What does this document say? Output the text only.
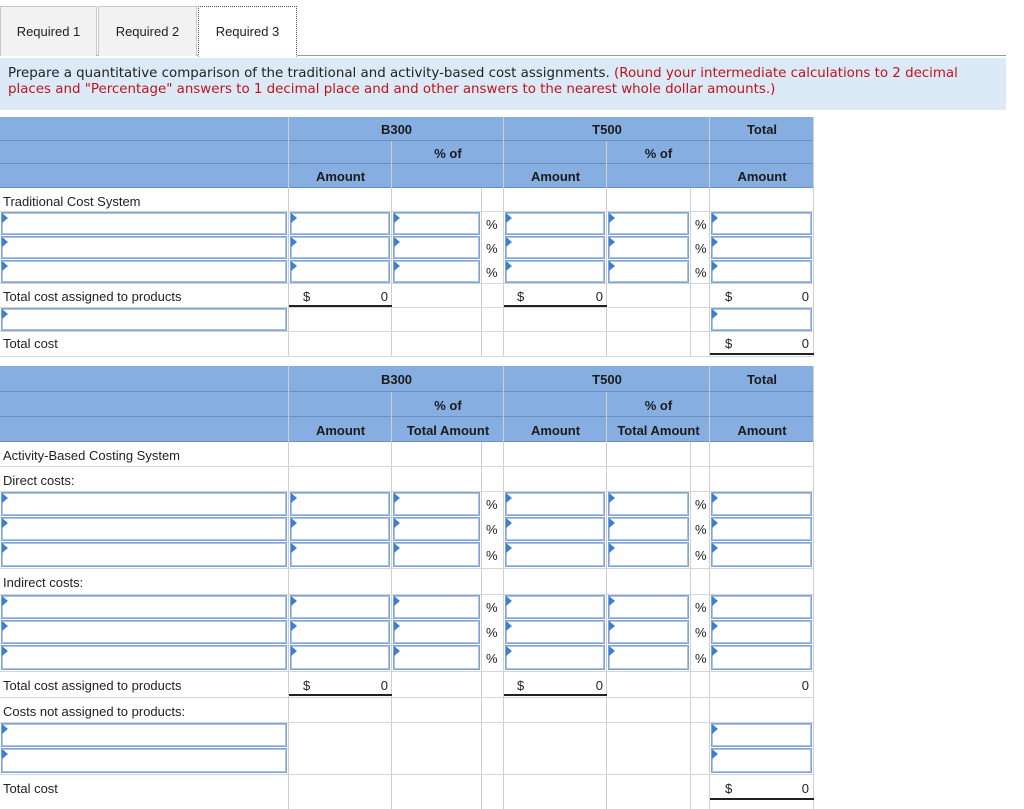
Required 1	Required 2	Required 3
Prepare a quantitative comparison of the traditional and activity-based cost assignments. (Round your intermediate calculations to 2 decimal places and "Percentage" answers to 1 decimal place and and other answers to the nearest whole dollar amounts.)
B300	T500	Total
% of	% of
Amount	Amount	Amount
Traditional Cost System
%	%
%	%
%	%
Total cost assigned to products	$	0	$	0	$	0
Total cost	$	0
B300	T500	Total
% of	% of
Amount	Total Amount	Amount	Total Amount	Amount
Activity-Based Costing System
Direct costs:
%	%
%	%
%	%
Indirect costs:
%	%
%	%
%	%
Total cost assigned to products	$	0	$	0	0
Costs not assigned to products:
Total cost	$	0
